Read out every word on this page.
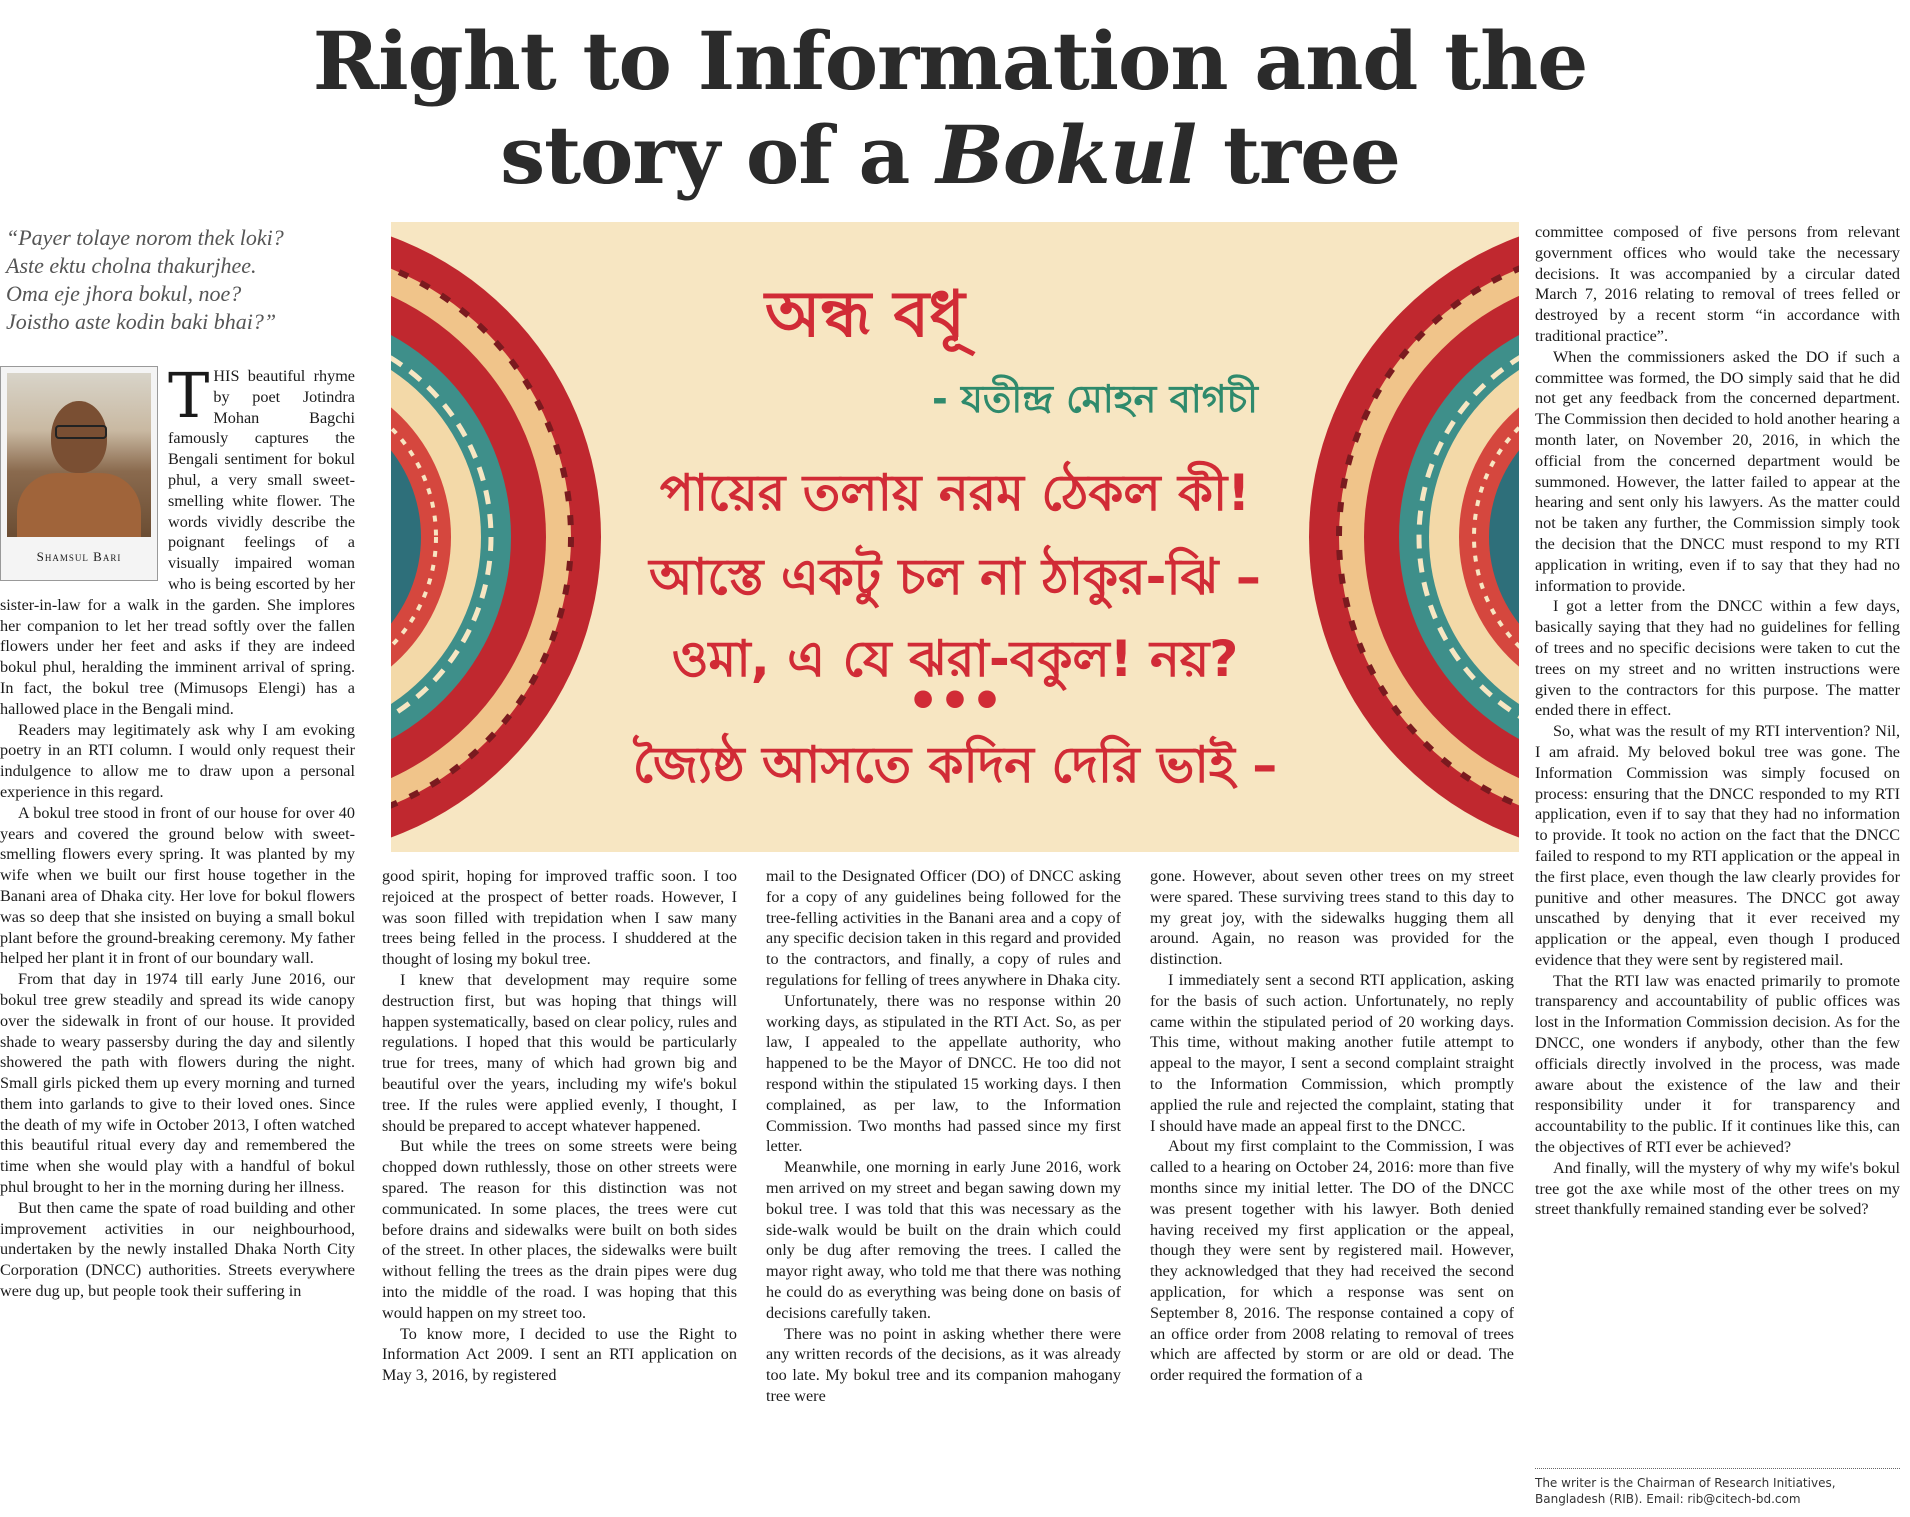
Right to Information and the
story of a Bokul tree
“Payer tolaye norom thek loki?
Aste ektu cholna thakurjhee.
Oma eje jhora bokul, noe?
Joistho aste kodin baki bhai?”
Shamsul Bari
T HIS beautiful rhyme by poet Jotindra Mohan Bagchi famously captures the Bengali sentiment for bokul phul, a very small sweet-smelling white flower. The words vividly describe the poignant feelings of a visually impaired woman who is being escorted by her sister-in-law for a walk in the garden. She implores her companion to let her tread softly over the fallen flowers under her feet and asks if they are indeed bokul phul, heralding the imminent arrival of spring. In fact, the bokul tree (Mimusops Elengi) has a hallowed place in the Bengali mind.

Readers may legitimately ask why I am evoking poetry in an RTI column. I would only request their indulgence to allow me to draw upon a personal experience in this regard.

A bokul tree stood in front of our house for over 40 years and covered the ground below with sweet-smelling flowers every spring. It was planted by my wife when we built our first house together in the Banani area of Dhaka city. Her love for bokul flowers was so deep that she insisted on buying a small bokul plant before the ground-breaking ceremony. My father helped her plant it in front of our boundary wall.

From that day in 1974 till early June 2016, our bokul tree grew steadily and spread its wide canopy over the sidewalk in front of our house. It provided shade to weary passersby during the day and silently showered the path with flowers during the night. Small girls picked them up every morning and turned them into garlands to give to their loved ones. Since the death of my wife in October 2013, I often watched this beautiful ritual every day and remembered the time when she would play with a handful of bokul phul brought to her in the morning during her illness.

But then came the spate of road building and other improvement activities in our neighbourhood, undertaken by the newly installed Dhaka North City Corporation (DNCC) authorities. Streets everywhere were dug up, but people took their suffering in

অন্ধ বধূ
- যতীন্দ্র মোহন বাগচী
পায়ের তলায় নরম ঠেকল কী!
আস্তে একটু চল না ঠাকুর-ঝি –
ওমা, এ যে ঝরা-বকুল! নয়?
•••
জ্যৈষ্ঠ আসতে কদিন দেরি ভাই –

good spirit, hoping for improved traffic soon. I too rejoiced at the prospect of better roads. However, I was soon filled with trepidation when I saw many trees being felled in the process. I shuddered at the thought of losing my bokul tree.

I knew that development may require some destruction first, but was hoping that things will happen systematically, based on clear policy, rules and regulations. I hoped that this would be particularly true for trees, many of which had grown big and beautiful over the years, including my wife's bokul tree. If the rules were applied evenly, I thought, I should be prepared to accept whatever happened.

But while the trees on some streets were being chopped down ruthlessly, those on other streets were spared. The reason for this distinction was not communicated. In some places, the trees were cut before drains and sidewalks were built on both sides of the street. In other places, the sidewalks were built without felling the trees as the drain pipes were dug into the middle of the road. I was hoping that this would happen on my street too.

To know more, I decided to use the Right to Information Act 2009. I sent an RTI application on May 3, 2016, by registered

mail to the Designated Officer (DO) of DNCC asking for a copy of any guidelines being followed for the tree-felling activities in the Banani area and a copy of any specific decision taken in this regard and provided to the contractors, and finally, a copy of rules and regulations for felling of trees anywhere in Dhaka city.

Unfortunately, there was no response within 20 working days, as stipulated in the RTI Act. So, as per law, I appealed to the appellate authority, who happened to be the Mayor of DNCC. He too did not respond within the stipulated 15 working days. I then complained, as per law, to the Information Commission. Two months had passed since my first letter.

Meanwhile, one morning in early June 2016, work men arrived on my street and began sawing down my bokul tree. I was told that this was necessary as the side-walk would be built on the drain which could only be dug after removing the trees. I called the mayor right away, who told me that there was nothing he could do as everything was being done on basis of decisions carefully taken.

There was no point in asking whether there were any written records of the decisions, as it was already too late. My bokul tree and its companion mahogany tree were

gone. However, about seven other trees on my street were spared. These surviving trees stand to this day to my great joy, with the sidewalks hugging them all around. Again, no reason was provided for the distinction.

I immediately sent a second RTI application, asking for the basis of such action. Unfortunately, no reply came within the stipulated period of 20 working days. This time, without making another futile attempt to appeal to the mayor, I sent a second complaint straight to the Information Commission, which promptly applied the rule and rejected the complaint, stating that I should have made an appeal first to the DNCC.

About my first complaint to the Commission, I was called to a hearing on October 24, 2016: more than five months since my initial letter. The DO of the DNCC was present together with his lawyer. Both denied having received my first application or the appeal, though they were sent by registered mail. However, they acknowledged that they had received the second application, for which a response was sent on September 8, 2016. The response contained a copy of an office order from 2008 relating to removal of trees which are affected by storm or are old or dead. The order required the formation of a

committee composed of five persons from relevant government offices who would take the necessary decisions. It was accompanied by a circular dated March 7, 2016 relating to removal of trees felled or destroyed by a recent storm “in accordance with traditional practice”.

When the commissioners asked the DO if such a committee was formed, the DO simply said that he did not get any feedback from the concerned department. The Commission then decided to hold another hearing a month later, on November 20, 2016, in which the official from the concerned department would be summoned. However, the latter failed to appear at the hearing and sent only his lawyers. As the matter could not be taken any further, the Commission simply took the decision that the DNCC must respond to my RTI application in writing, even if to say that they had no information to provide.

I got a letter from the DNCC within a few days, basically saying that they had no guidelines for felling of trees and no specific decisions were taken to cut the trees on my street and no written instructions were given to the contractors for this purpose. The matter ended there in effect.

So, what was the result of my RTI intervention? Nil, I am afraid. My beloved bokul tree was gone. The Information Commission was simply focused on process: ensuring that the DNCC responded to my RTI application, even if to say that they had no information to provide. It took no action on the fact that the DNCC failed to respond to my RTI application or the appeal in the first place, even though the law clearly provides for punitive and other measures. The DNCC got away unscathed by denying that it ever received my application or the appeal, even though I produced evidence that they were sent by registered mail.

That the RTI law was enacted primarily to promote transparency and accountability of public offices was lost in the Information Commission decision. As for the DNCC, one wonders if anybody, other than the few officials directly involved in the process, was made aware about the existence of the law and their responsibility under it for transparency and accountability to the public. If it continues like this, can the objectives of RTI ever be achieved?

And finally, will the mystery of why my wife's bokul tree got the axe while most of the other trees on my street thankfully remained standing ever be solved?

The writer is the Chairman of Research Initiatives, Bangladesh (RIB). Email: rib@citech-bd.com
